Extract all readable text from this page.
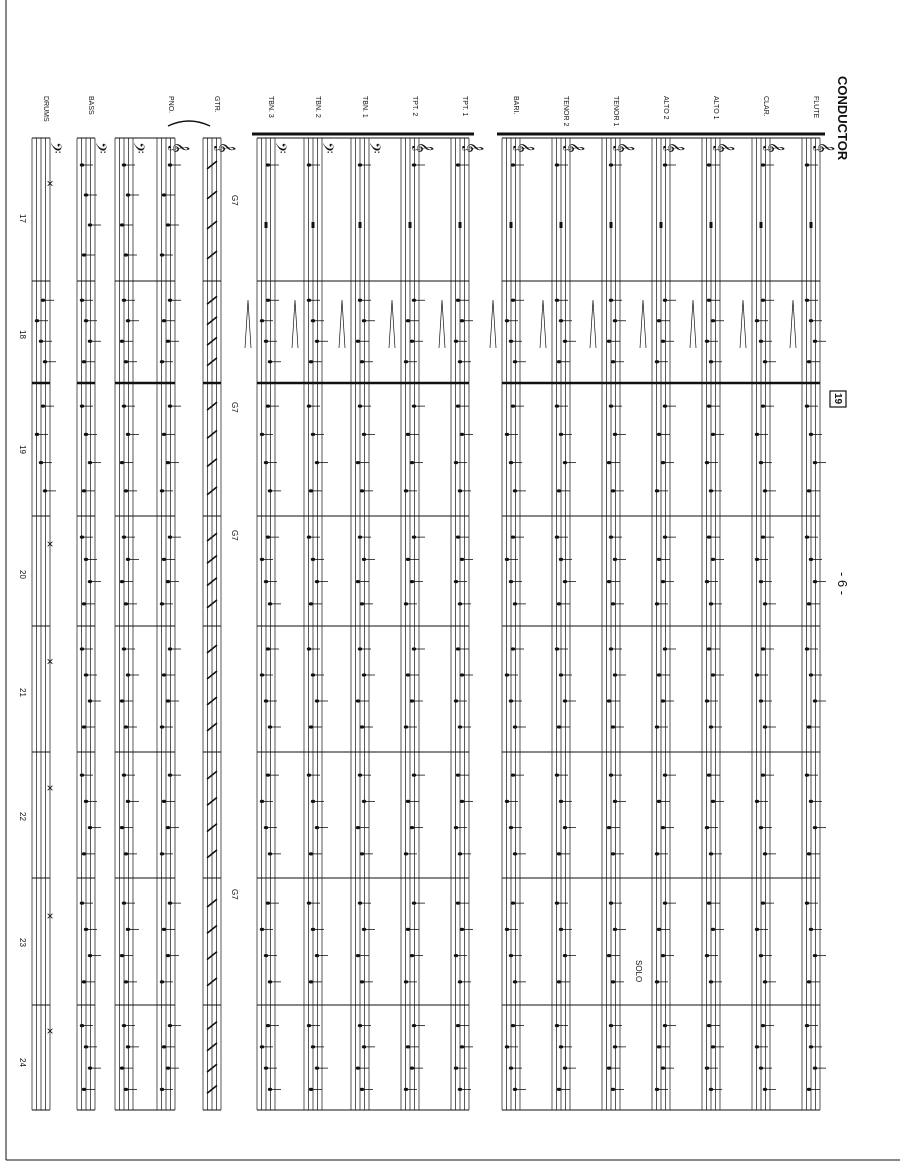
𝄞
𝄞
𝄞
𝄞
𝄞
𝄞
𝄞
𝄞
𝄞
𝄢
𝄢
𝄢
𝄞
𝄞
𝄢
𝄢
𝄢
×
×
×
×
×
×
G7
G7
G7
G7
FLUTE
CLAR.
ALTO 1
ALTO 2
TENOR 1
TENOR 2
BARI.
TPT. 1
TPT. 2
TBN. 1
TBN. 2
TBN. 3
GTR.
PNO.
BASS
DRUMS
17
18
19
20
21
22
23
24
CONDUCTOR
- 6 -
19
SOLO
